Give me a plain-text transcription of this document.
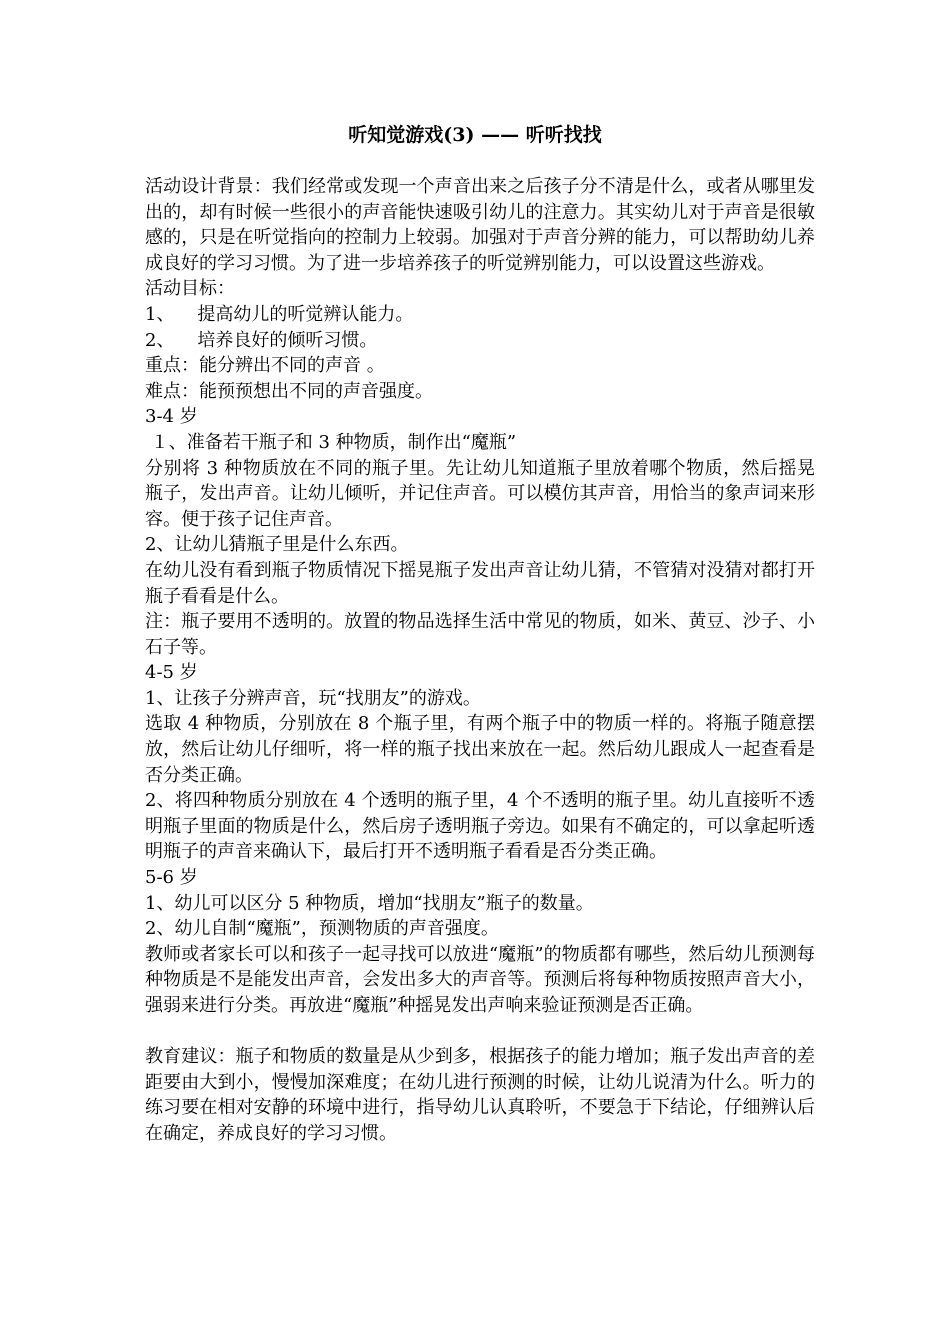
听知觉游戏(3) —— 听听找找

活动设计背景：我们经常或发现一个声音出来之后孩子分不清是什么，或者从哪里发出的，却有时候一些很小的声音能快速吸引幼儿的注意力。其实幼儿对于声音是很敏感的，只是在听觉指向的控制力上较弱。加强对于声音分辨的能力，可以帮助幼儿养成良好的学习习惯。为了进一步培养孩子的听觉辨别能力，可以设置这些游戏。

活动目标：

1、    提高幼儿的听觉辨认能力。

2、    培养良好的倾听习惯。

重点：能分辨出不同的声音 。

难点：能预预想出不同的声音强度。

3-4 岁

１、准备若干瓶子和 3 种物质，制作出“魔瓶”

分别将 3 种物质放在不同的瓶子里。先让幼儿知道瓶子里放着哪个物质，然后摇晃瓶子，发出声音。让幼儿倾听，并记住声音。可以模仿其声音，用恰当的象声词来形容。便于孩子记住声音。

2、让幼儿猜瓶子里是什么东西。

在幼儿没有看到瓶子物质情况下摇晃瓶子发出声音让幼儿猜，不管猜对没猜对都打开瓶子看看是什么。

注：瓶子要用不透明的。放置的物品选择生活中常见的物质，如米、黄豆、沙子、小石子等。

4-5 岁

1、让孩子分辨声音，玩“找朋友”的游戏。

选取 4 种物质，分别放在 8 个瓶子里，有两个瓶子中的物质一样的。将瓶子随意摆放，然后让幼儿仔细听，将一样的瓶子找出来放在一起。然后幼儿跟成人一起查看是否分类正确。

2、将四种物质分别放在 4 个透明的瓶子里，4 个不透明的瓶子里。幼儿直接听不透明瓶子里面的物质是什么，然后房子透明瓶子旁边。如果有不确定的，可以拿起听透明瓶子的声音来确认下，最后打开不透明瓶子看看是否分类正确。

5-6 岁

1、幼儿可以区分 5 种物质，增加“找朋友”瓶子的数量。

2、幼儿自制“魔瓶”，预测物质的声音强度。

教师或者家长可以和孩子一起寻找可以放进“魔瓶”的物质都有哪些，然后幼儿预测每种物质是不是能发出声音，会发出多大的声音等。预测后将每种物质按照声音大小，强弱来进行分类。再放进“魔瓶”种摇晃发出声响来验证预测是否正确。

教育建议：瓶子和物质的数量是从少到多，根据孩子的能力增加；瓶子发出声音的差距要由大到小，慢慢加深难度；在幼儿进行预测的时候，让幼儿说清为什么。听力的练习要在相对安静的环境中进行，指导幼儿认真聆听，不要急于下结论，仔细辨认后在确定，养成良好的学习习惯。
